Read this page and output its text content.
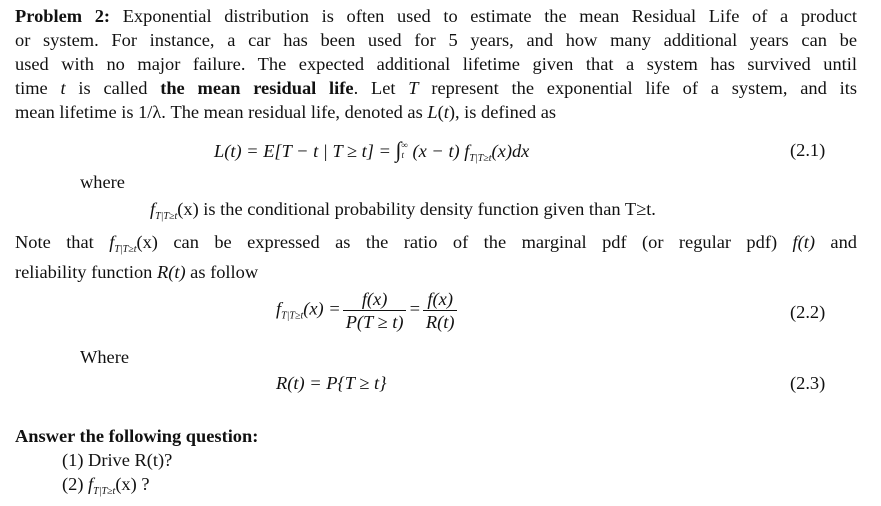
Problem 2: Exponential distribution is often used to estimate the mean Residual Life of a product
or system. For instance, a car has been used for 5 years, and how many additional years can be
used with no major failure. The expected additional lifetime given that a system has survived until
time t is called the mean residual life. Let T represent the exponential life of a system, and its
mean lifetime is 1/λ. The mean residual life, denoted as L(t), is defined as
L(t) = E[T − t | T ≥ t] = ∫ ∞
t (x − t) $f_{T|T\ge t}(x)dx$	(2.1)
where
$f_{T|T\ge t}(x)$ is the conditional probability density function given than T≥t.
Note that $f_{T|T\ge t}(x)$ can be expressed as the ratio of the marginal pdf (or regular pdf) f(t) and
reliability function R(t) as follow
$f_{T|T\ge t}(x) = \frac{f(x)}{P(T \ge t)} = \frac{f(x)}{R(t)}$	(2.2)
Where
R(t) = P{T ≥ t}	(2.3)
Answer the following question:
(1) Drive R(t)?
(2) $f_{T|T\ge t}(x)$ ?
